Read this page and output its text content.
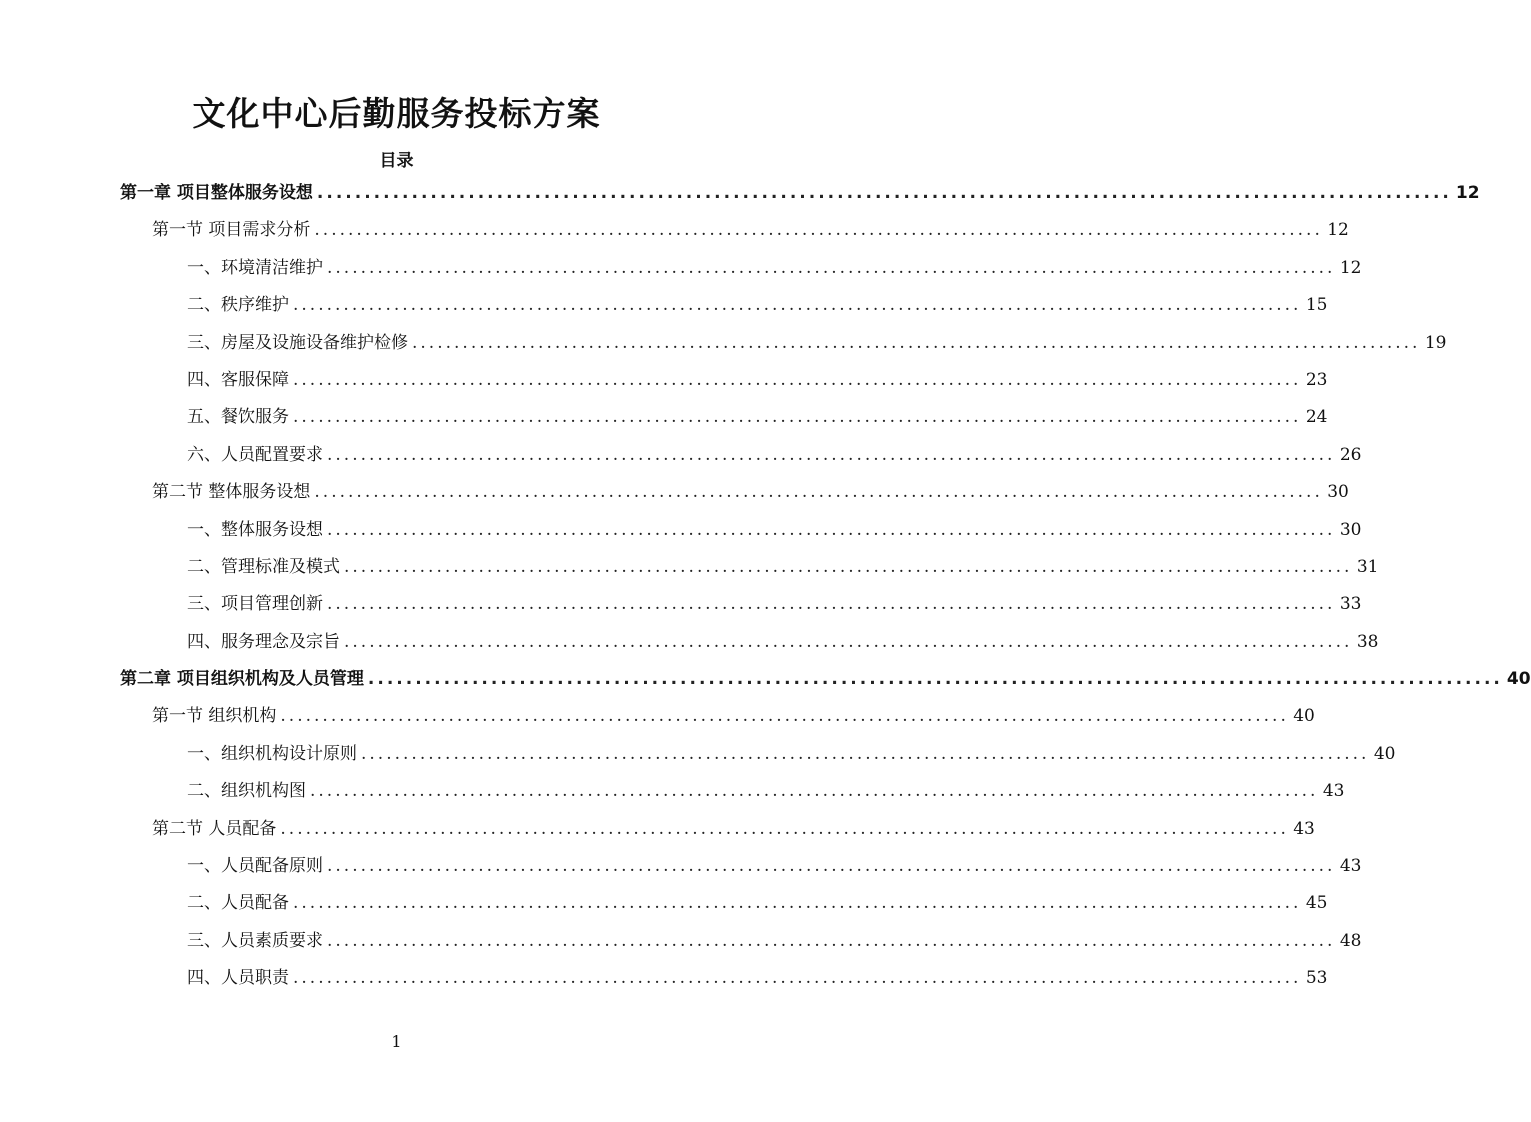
文化中心后勤服务投标方案
目录
第一章 项目整体服务设想 ........................................................................................................................ 12
第一节 项目需求分析 ........................................................................................................................ 12
一、环境清洁维护 ........................................................................................................................ 12
二、秩序维护 ........................................................................................................................ 15
三、房屋及设施设备维护检修 ........................................................................................................................ 19
四、客服保障 ........................................................................................................................ 23
五、餐饮服务 ........................................................................................................................ 24
六、人员配置要求 ........................................................................................................................ 26
第二节 整体服务设想 ........................................................................................................................ 30
一、整体服务设想 ........................................................................................................................ 30
二、管理标准及模式 ........................................................................................................................ 31
三、项目管理创新 ........................................................................................................................ 33
四、服务理念及宗旨 ........................................................................................................................ 38
第二章 项目组织机构及人员管理 ........................................................................................................................ 40
第一节 组织机构 ........................................................................................................................ 40
一、组织机构设计原则 ........................................................................................................................ 40
二、组织机构图 ........................................................................................................................ 43
第二节 人员配备 ........................................................................................................................ 43
一、人员配备原则 ........................................................................................................................ 43
二、人员配备 ........................................................................................................................ 45
三、人员素质要求 ........................................................................................................................ 48
四、人员职责 ........................................................................................................................ 53
1
